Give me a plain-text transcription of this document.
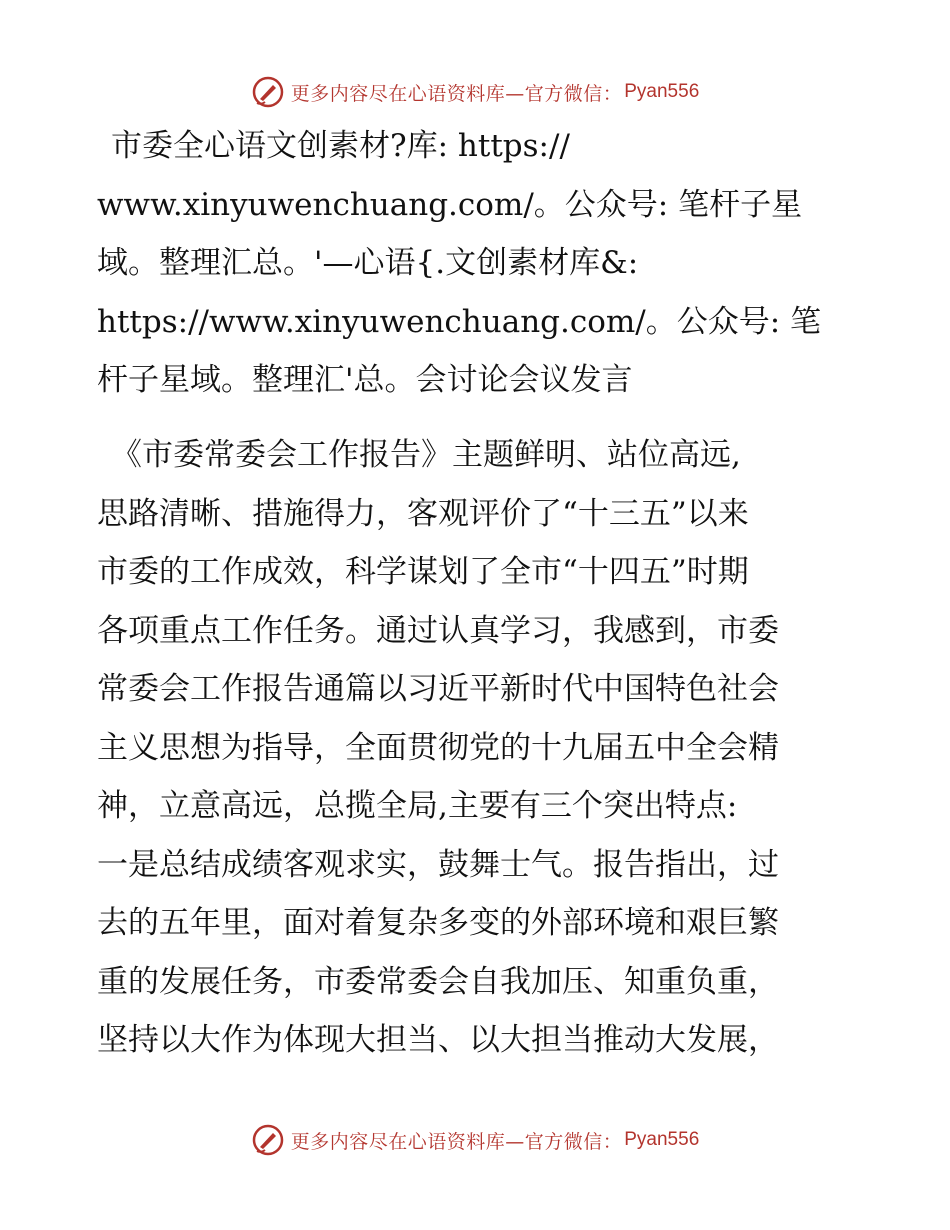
更多内容尽在心语资料库—官方微信： Pyan556
市委全心语文创素材?库: https://
www.xinyuwenchuang.com/。公众号: 笔杆子星
域。整理汇总。'—心语{.文创素材库&:
https://www.xinyuwenchuang.com/。公众号: 笔
杆子星域。整理汇'总。会讨论会议发言
《市委常委会工作报告》主题鲜明、站位高远,
思路清晰、措施得力，客观评价了“十三五”以来
市委的工作成效，科学谋划了全市“十四五”时期
各项重点工作任务。通过认真学习，我感到，市委
常委会工作报告通篇以习近平新时代中国特色社会
主义思想为指导，全面贯彻党的十九届五中全会精
神，立意高远，总揽全局,主要有三个突出特点:
一是总结成绩客观求实，鼓舞士气。报告指出，过
去的五年里，面对着复杂多变的外部环境和艰巨繁
重的发展任务，市委常委会自我加压、知重负重，
坚持以大作为体现大担当、以大担当推动大发展，
更多内容尽在心语资料库—官方微信： Pyan556
